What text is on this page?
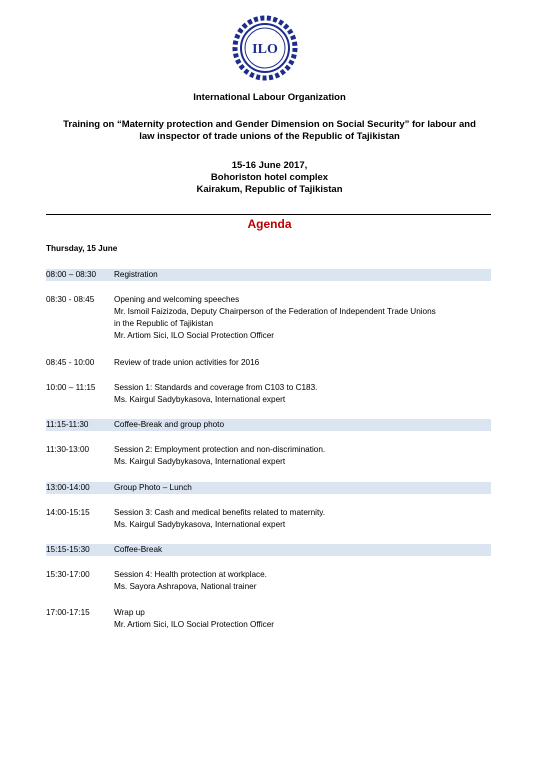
ILO
International Labour Organization
Training on “Maternity protection and Gender Dimension on Social Security” for labour and
law inspector of trade unions of the Republic of Tajikistan
15-16 June 2017,
Bohoriston hotel complex
Kairakum, Republic of Tajikistan
Agenda
Thursday, 15 June
08:00 – 08:30 Registration
08:30 - 08:45 Opening and welcoming speeches
Mr. Ismoil Faizizoda, Deputy Chairperson of the Federation of Independent Trade Unions
in the Republic of Tajikistan
Mr. Artiom Sici, ILO Social Protection Officer
08:45 - 10:00 Review of trade union activities for 2016
10:00 – 11:15 Session 1: Standards and coverage from C103 to C183.
Ms. Kairgul Sadybykasova, International expert
11:15-11:30	Coffee-Break and group photo
11:30-13:00	Session 2: Employment protection and non-discrimination.
Ms. Kairgul Sadybykasova, International expert
13:00-14:00	Group Photo – Lunch
14:00-15:15	Session 3: Cash and medical benefits related to maternity.
Ms. Kairgul Sadybykasova, International expert
15:15-15:30	Coffee-Break
15:30-17:00	Session 4: Health protection at workplace.
Ms. Sayora Ashrapova, National trainer
17:00-17:15	Wrap up
Mr. Artiom Sici, ILO Social Protection Officer
